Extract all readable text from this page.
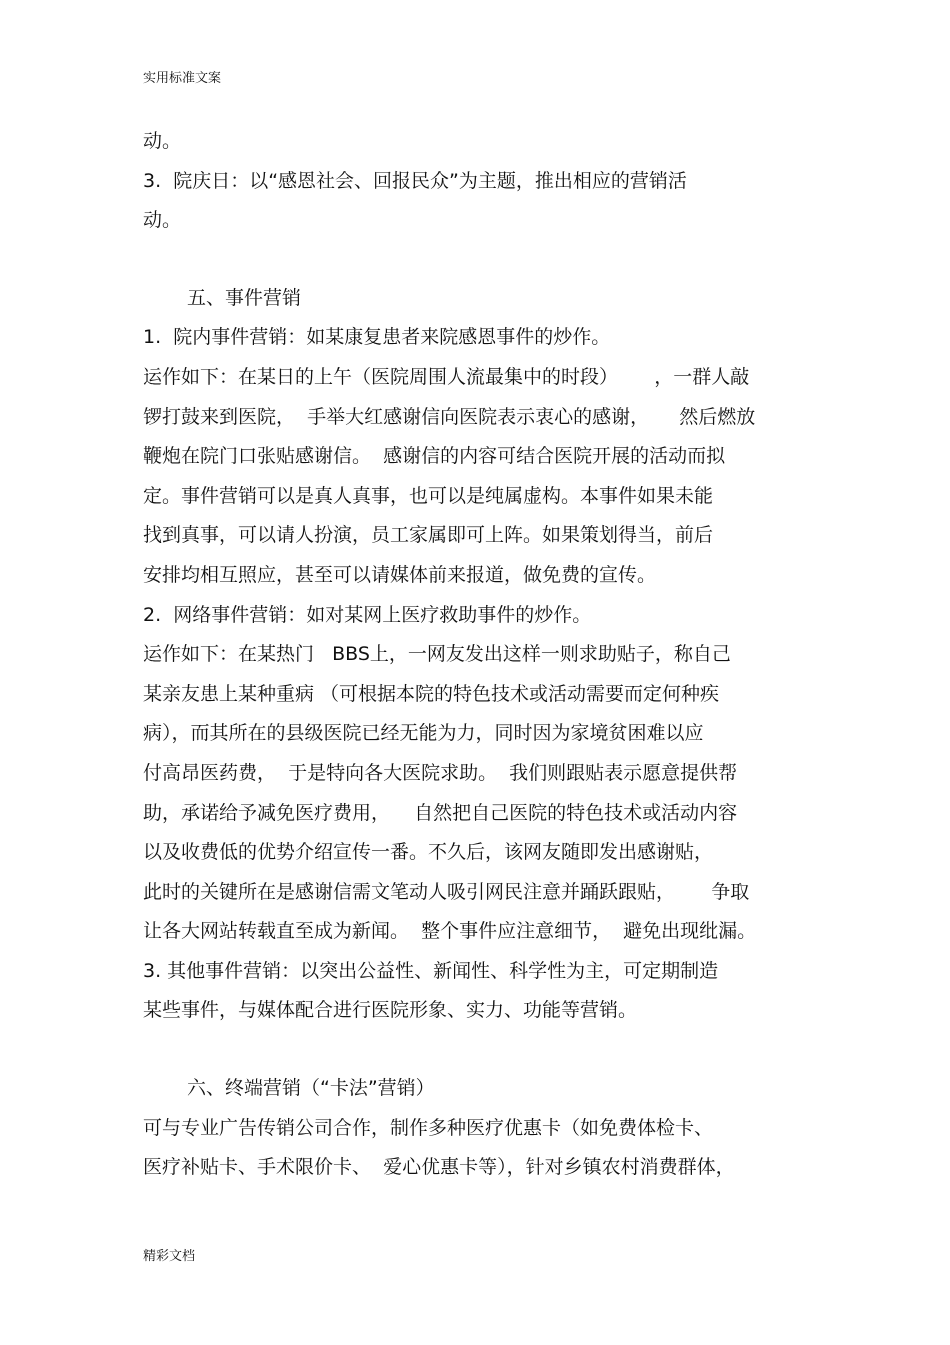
实用标准文案
动。
3.  院庆日：以“感恩社会、回报民众”为主题，推出相应的营销活
动。
五、事件营销
1.  院内事件营销：如某康复患者来院感恩事件的炒作。
运作如下：在某日的上午（医院周围人流最集中的时段）      ，一群人敲
锣打鼓来到医院，  手举大红感谢信向医院表示衷心的感谢，     然后燃放
鞭炮在院门口张贴感谢信。  感谢信的内容可结合医院开展的活动而拟
定。事件营销可以是真人真事，也可以是纯属虚构。本事件如果未能
找到真事，可以请人扮演，员工家属即可上阵。如果策划得当，前后
安排均相互照应，甚至可以请媒体前来报道，做免费的宣传。
2.  网络事件营销：如对某网上医疗救助事件的炒作。
运作如下：在某热门   BBS上，一网友发出这样一则求助贴子，称自己
某亲友患上某种重病 （可根据本院的特色技术或活动需要而定何种疾
病），而其所在的县级医院已经无能为力，同时因为家境贫困难以应
付高昂医药费，  于是特向各大医院求助。  我们则跟贴表示愿意提供帮
助，承诺给予减免医疗费用，    自然把自己医院的特色技术或活动内容
以及收费低的优势介绍宣传一番。不久后，该网友随即发出感谢贴，
此时的关键所在是感谢信需文笔动人吸引网民注意并踊跃跟贴，      争取
让各大网站转载直至成为新闻。  整个事件应注意细节，  避免出现纰漏。
3. 其他事件营销：以突出公益性、新闻性、科学性为主，可定期制造
某些事件，与媒体配合进行医院形象、实力、功能等营销。
六、终端营销（“卡法”营销）
可与专业广告传销公司合作，制作多种医疗优惠卡（如免费体检卡、
医疗补贴卡、手术限价卡、  爱心优惠卡等），针对乡镇农村消费群体，
精彩文档
